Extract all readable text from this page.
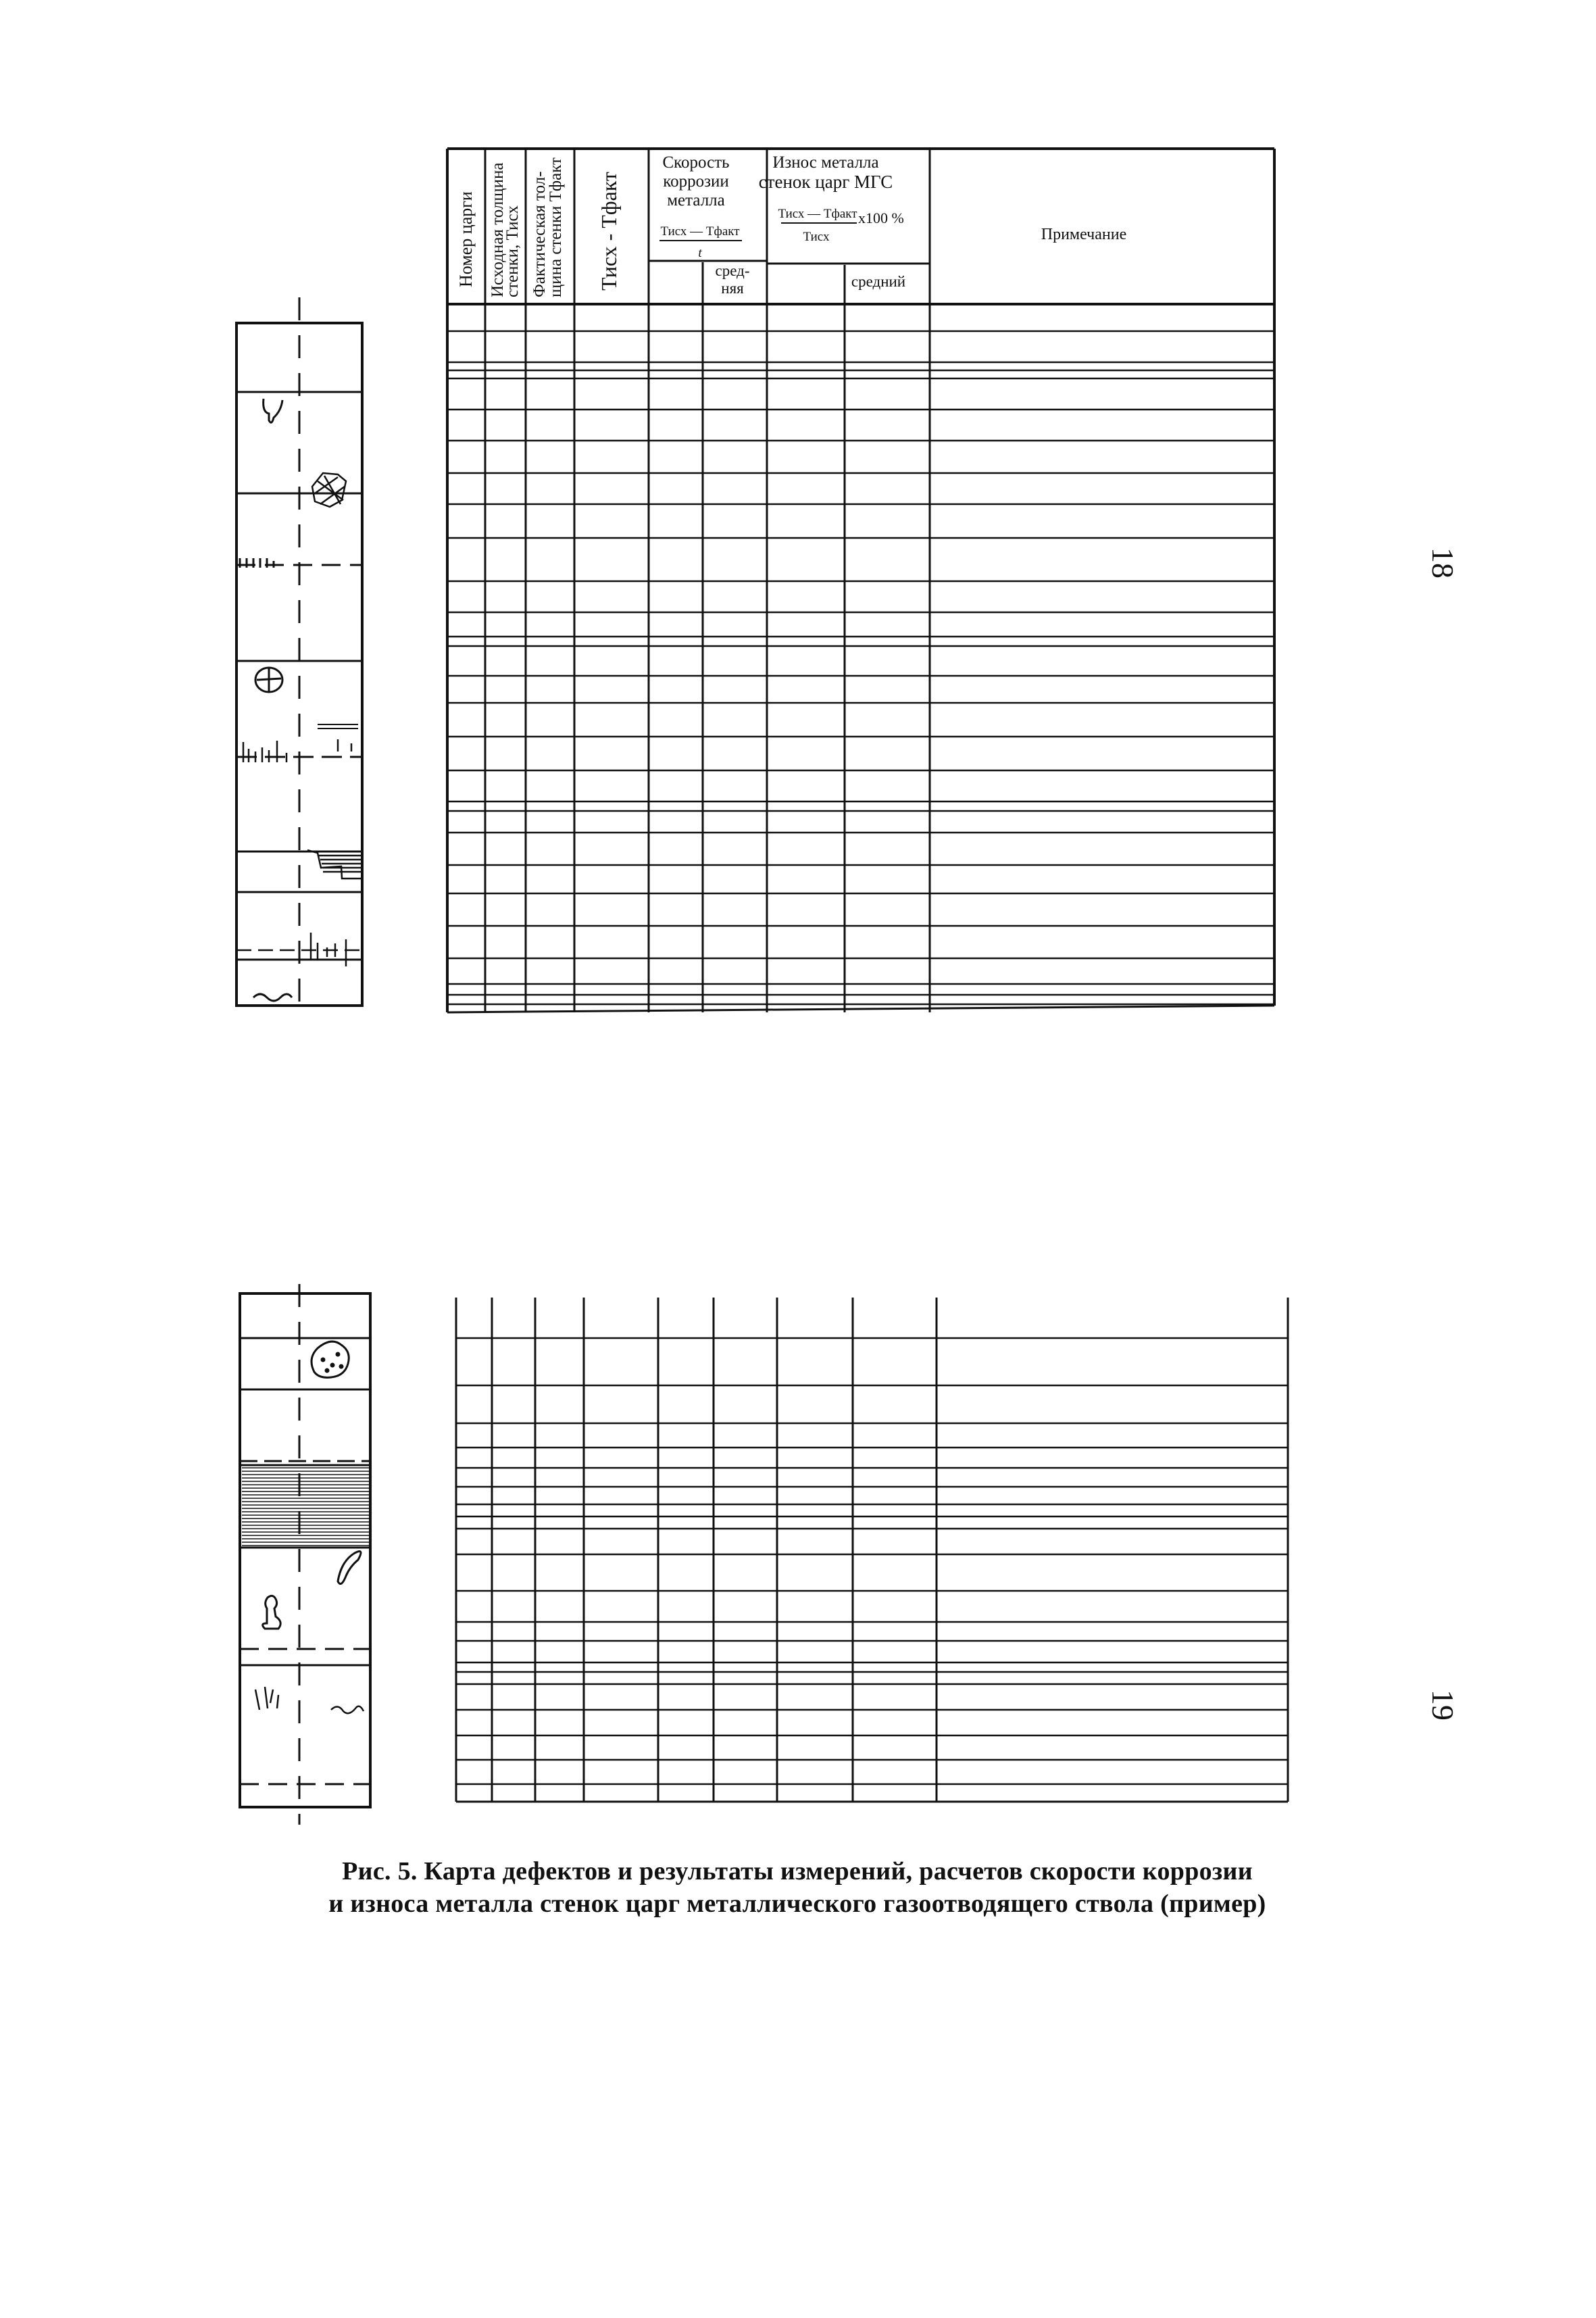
Номер царги Исходная толщина
стенки, Тисх Фактическая тол-
щина стенки Тфакт Тисх - Тфакт
Скорость
коррозии
металла
Тисх — Тфакт
t
сред-
няя
Износ металла
стенок царг МГС
Тисх — Тфакт х100 %
Тисх
средний
Примечание
18
19
Рис. 5. Карта дефектов и результаты измерений, расчетов скорости коррозии
и износа металла стенок царг металлического газоотводящего ствола (пример)
